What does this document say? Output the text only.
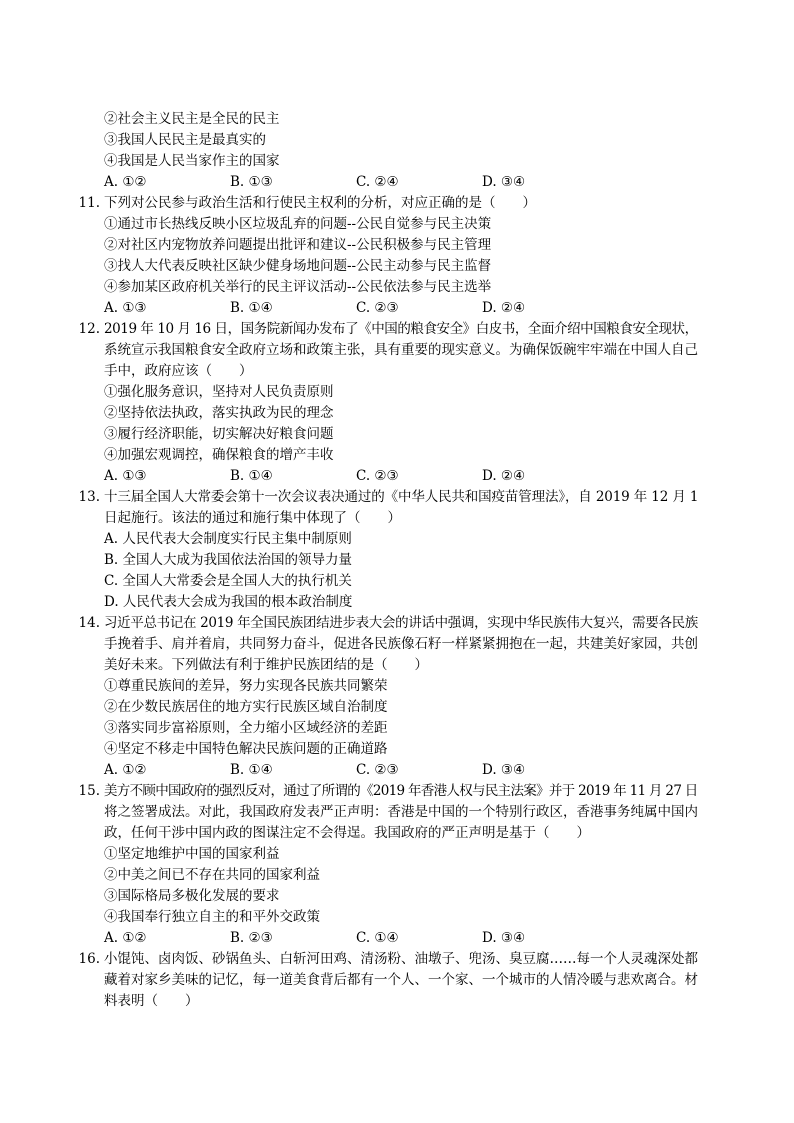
②社会主义民主是全民的民主
③我国人民民主是最真实的
④我国是人民当家作主的国家
A. ①②	B. ①③	C. ②④	D. ③④
11. 下列对公民参与政治生活和行使民主权利的分析，对应正确的是（　　）
①通过市长热线反映小区垃圾乱弃的问题--公民自觉参与民主决策
②对社区内宠物放养问题提出批评和建议--公民积极参与民主管理
③找人大代表反映社区缺少健身场地问题--公民主动参与民主监督
④参加某区政府机关举行的民主评议活动--公民依法参与民主选举
A. ①③	B. ①④	C. ②③	D. ②④
12. 2019 年 10 月 16 日，国务院新闻办发布了《中国的粮食安全》白皮书，全面介绍中国粮食安全现状，
系统宣示我国粮食安全政府立场和政策主张，具有重要的现实意义。为确保饭碗牢牢端在中国人自己
手中，政府应该（　　）
①强化服务意识，坚持对人民负责原则
②坚持依法执政，落实执政为民的理念
③履行经济职能，切实解决好粮食问题
④加强宏观调控，确保粮食的增产丰收
A. ①③	B. ①④	C. ②③	D. ②④
13. 十三届全国人大常委会第十一次会议表决通过的《中华人民共和国疫苗管理法》，自 2019 年 12 月 1
日起施行。该法的通过和施行集中体现了（　　）
A. 人民代表大会制度实行民主集中制原则
B. 全国人大成为我国依法治国的领导力量
C. 全国人大常委会是全国人大的执行机关
D. 人民代表大会成为我国的根本政治制度
14. 习近平总书记在 2019 年全国民族团结进步表大会的讲话中强调，实现中华民族伟大复兴，需要各民族
手挽着手、肩并着肩，共同努力奋斗，促进各民族像石籽一样紧紧拥抱在一起，共建美好家园，共创
美好未来。下列做法有利于维护民族团结的是（　　）
①尊重民族间的差异，努力实现各民族共同繁荣
②在少数民族居住的地方实行民族区域自治制度
③落实同步富裕原则，全力缩小区域经济的差距
④坚定不移走中国特色解决民族问题的正确道路
A. ①②	B. ①④	C. ②③	D. ③④
15. 美方不顾中国政府的强烈反对，通过了所谓的《2019 年香港人权与民主法案》并于 2019 年 11 月 27 日
将之签署成法。对此，我国政府发表严正声明：香港是中国的一个特别行政区，香港事务纯属中国内
政，任何干涉中国内政的图谋注定不会得逞。我国政府的严正声明是基于（　　）
①坚定地维护中国的国家利益
②中美之间已不存在共同的国家利益
③国际格局多极化发展的要求
④我国奉行独立自主的和平外交政策
A. ①②	B. ②③	C. ①④	D. ③④
16. 小馄饨、卤肉饭、砂锅鱼头、白斩河田鸡、清汤粉、油墩子、兜汤、臭豆腐……每一个人灵魂深处都
藏着对家乡美味的记忆，每一道美食背后都有一个人、一个家、一个城市的人情冷暖与悲欢离合。材
料表明（　　）
